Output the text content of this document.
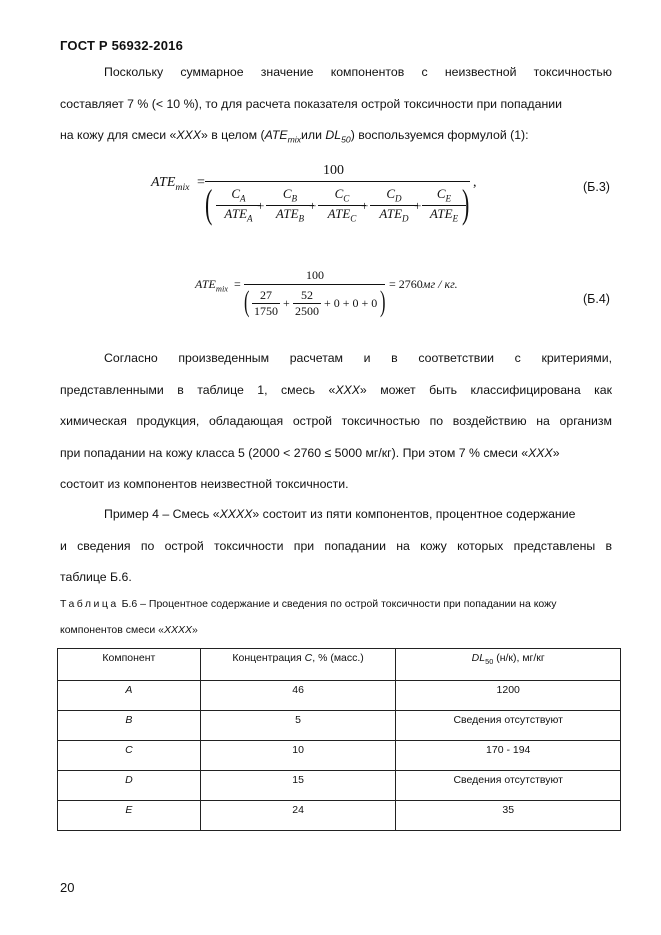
ГОСТ Р 56932-2016
Поскольку суммарное значение компонентов с неизвестной токсичностью
составляет 7 % (< 10 %), то для расчета показателя острой токсичности при попадании
на кожу для смеси «XXX» в целом ($ATE_{mix}или$ $DL_{50}$) воспользуемся формулой (1):
$ATE_{mix}$ =
100
(	)
$C_A$
$ATE_A$
+
$C_B$
$ATE_B$
+
$C_C$
$ATE_C$
+
$C_D$
$ATE_D$
+
$C_E$
$ATE_E$
,	(Б.3)
$ATE_{mix}$ =
100
( $\frac{27}{1750} + \frac{52}{2500} + 0 + 0 + 0$ )
= 2760мг / кг.
(Б.4)
Согласно произведенным расчетам и в соответствии с критериями,
представленными в таблице 1, смесь «XXX» может быть классифицирована как
химическая продукция, обладающая острой токсичностью по воздействию на организм
при попадании на кожу класса 5 (2000 < 2760 ≤ 5000 мг/кг). При этом 7 % смеси «XXX»
состоит из компонентов неизвестной токсичности.
Пример 4 – Смесь «XXXX» состоит из пяти компонентов, процентное содержание
и сведения по острой токсичности при попадании на кожу которых представлены в
таблице Б.6.
Таблица Б.6 – Процентное содержание и сведения по острой токсичности при попадании на кожу
компонентов смеси «XXXX»
Компонент	Концентрация C, % (масс.)	$DL_{50}$ (н/к), мг/кг
A	46	1200
B	5	Сведения отсутствуют
C	10	170 - 194
D	15	Сведения отсутствуют
E	24	35
20
